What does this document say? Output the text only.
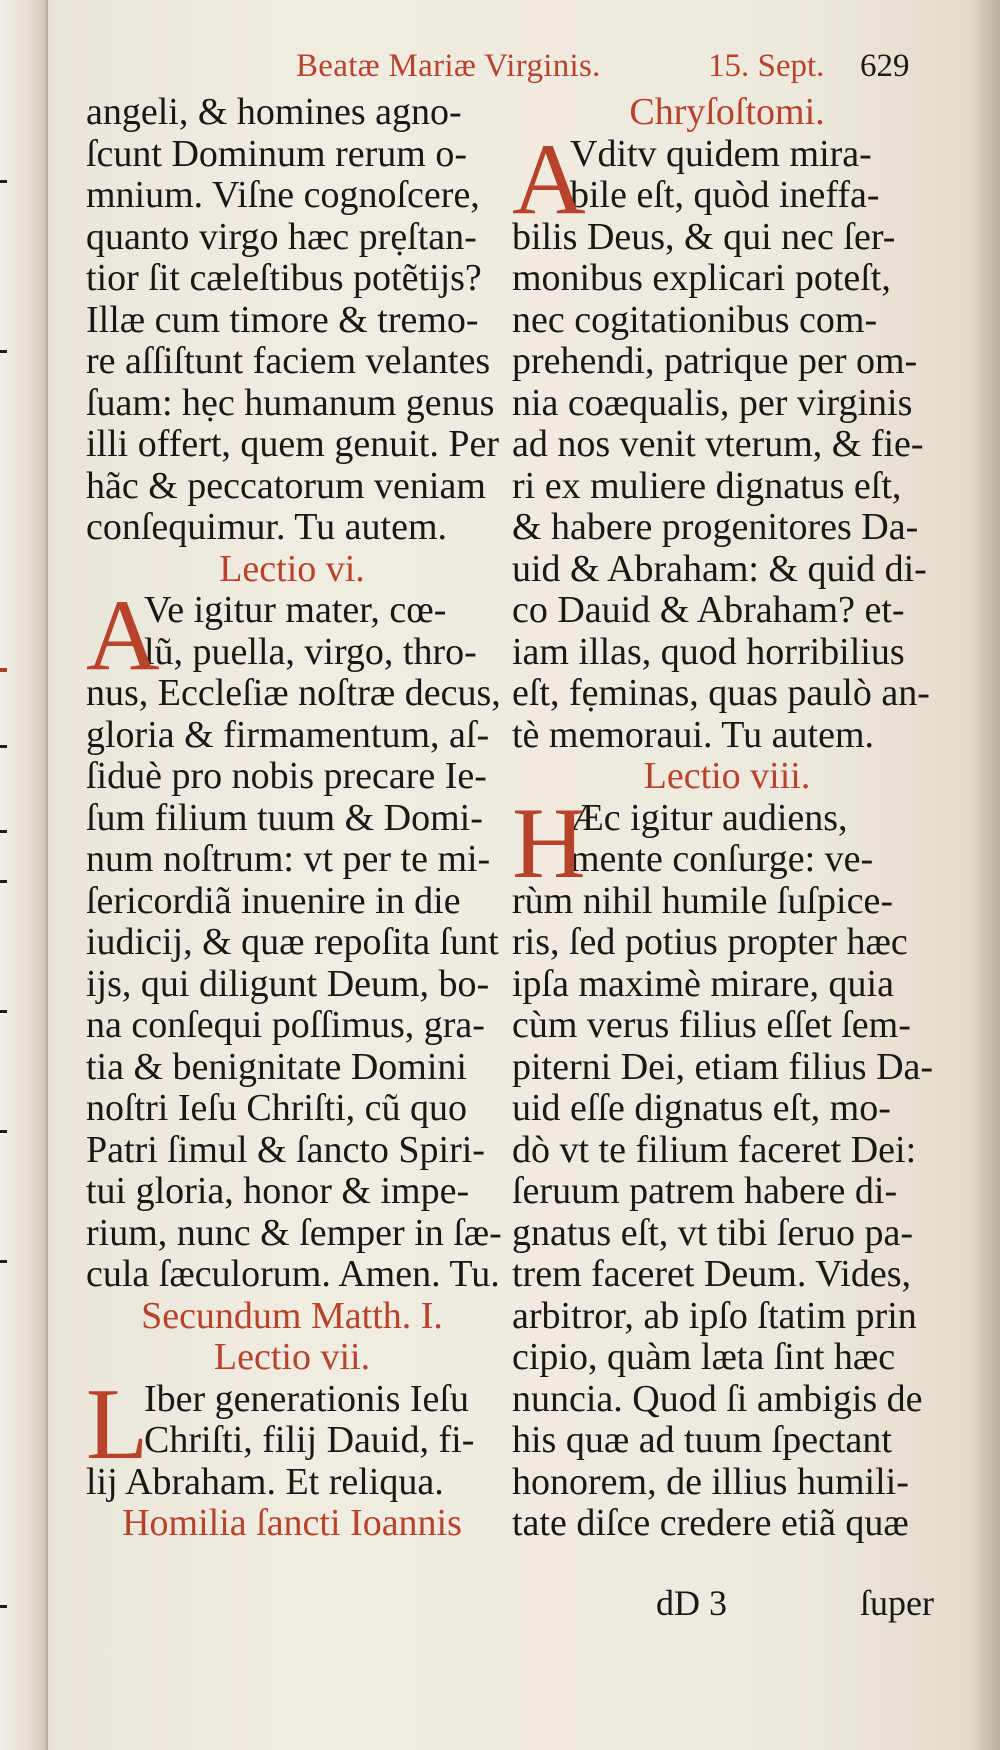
Beatæ Mariæ Virginis.	15. Sept. 629
angeli, & homines agno-
ſcunt Dominum rerum o-
mnium. Viſne cognoſcere,
quanto virgo hæc prẹſtan-
tior ſit cæleſtibus potẽtijs?
Illæ cum timore & tremo-
re aſſiſtunt faciem velantes
ſuam: hẹc humanum genus
illi offert, quem genuit. Per
hãc & peccatorum veniam
conſequimur. Tu autem.
Lectio vi.
A
Ve igitur mater, cœ-
lũ, puella, virgo, thro-
nus, Eccleſiæ noſtræ decus,
gloria & firmamentum, aſ-
ſiduè pro nobis precare Ie-
ſum filium tuum & Domi-
num noſtrum: vt per te mi-
ſericordiã inuenire in die
iudicij, & quæ repoſita ſunt
ijs, qui diligunt Deum, bo-
na conſequi poſſimus, gra-
tia & benignitate Domini
noſtri Ieſu Chriſti, cũ quo
Patri ſimul & ſancto Spiri-
tui gloria, honor & impe-
rium, nunc & ſemper in ſæ-
cula ſæculorum. Amen. Tu.
Secundum Matth. I.
Lectio vii.
L
Iber generationis Ieſu
Chriſti, filij Dauid, fi-
lij Abraham. Et reliqua.
Homilia ſancti Ioannis
Chryſoſtomi.
A
Vditv quidem mira-
bile eſt, quòd ineffa-
bilis Deus, & qui nec ſer-
monibus explicari poteſt,
nec cogitationibus com-
prehendi, patrique per om-
nia coæqualis, per virginis
ad nos venit vterum, & fie-
ri ex muliere dignatus eſt,
& habere progenitores Da-
uid & Abraham: & quid di-
co Dauid & Abraham? et-
iam illas, quod horribilius
eſt, fẹminas, quas paulò an-
tè memoraui. Tu autem.
Lectio viii.
H
Æc igitur audiens,
mente conſurge: ve-
rùm nihil humile ſuſpice-
ris, ſed potius propter hæc
ipſa maximè mirare, quia
cùm verus filius eſſet ſem-
piterni Dei, etiam filius Da-
uid eſſe dignatus eſt, mo-
dò vt te filium faceret Dei:
ſeruum patrem habere di-
gnatus eſt, vt tibi ſeruo pa-
trem faceret Deum. Vides,
arbitror, ab ipſo ſtatim prin
cipio, quàm læta ſint hæc
nuncia. Quod ſi ambigis de
his quæ ad tuum ſpectant
honorem, de illius humili-
tate diſce credere etiã quæ
dD 3	ſuper
